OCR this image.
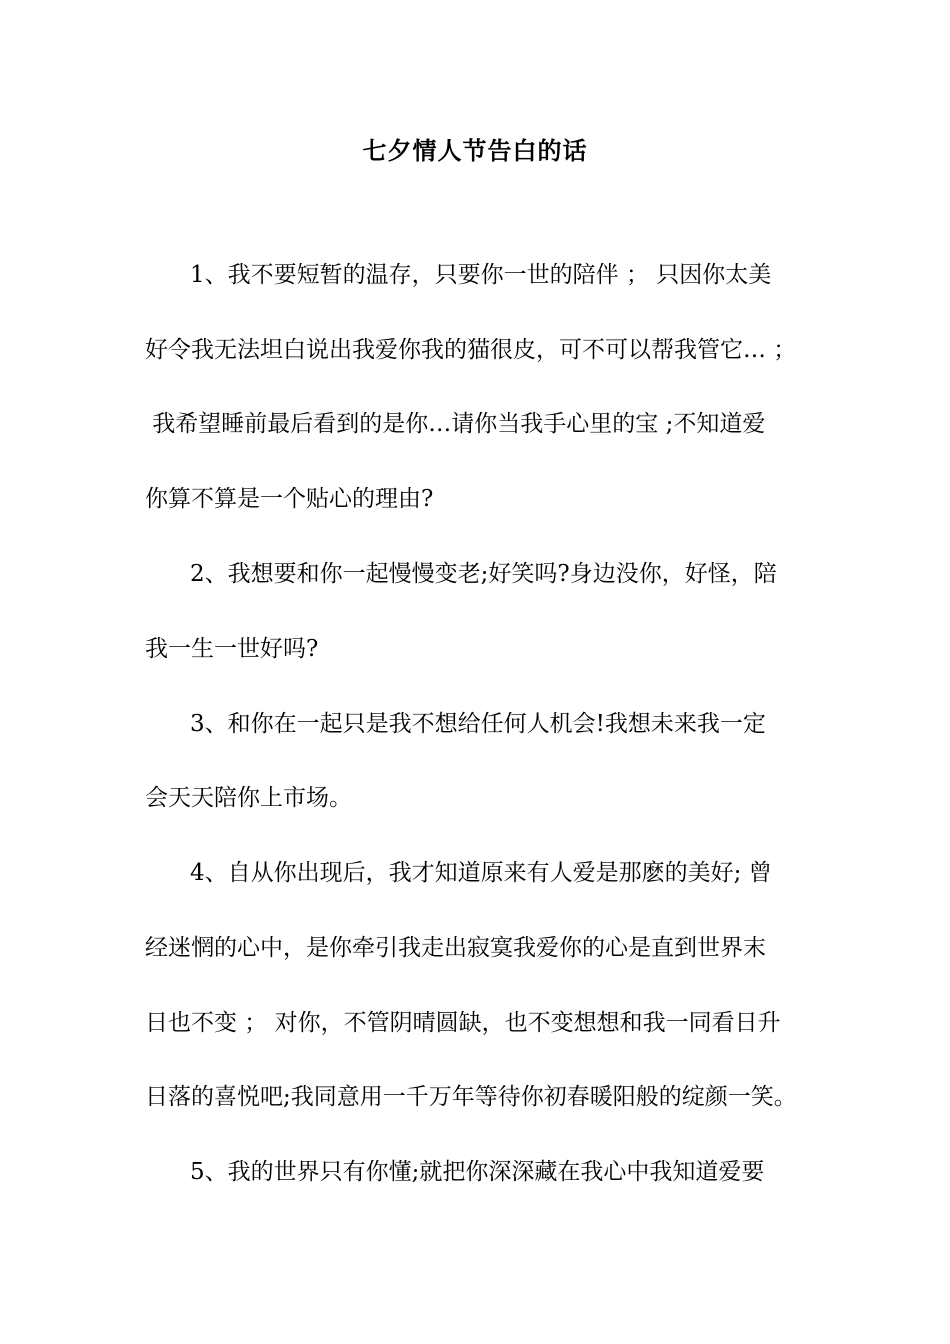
七夕情人节告白的话
1、我不要短暂的温存，只要你一世的陪伴 ； 只因你太美
好令我无法坦白说出我爱你我的猫很皮，可不可以帮我管它… ；
我希望睡前最后看到的是你…请你当我手心里的宝 ;不知道爱
你算不算是一个贴心的理由?
2、我想要和你一起慢慢变老;好笑吗?身边没你，好怪，陪
我一生一世好吗?
3、和你在一起只是我不想给任何人机会!我想未来我一定
会天天陪你上市场。
4、自从你出现后，我才知道原来有人爱是那麽的美好; 曾
经迷惘的心中，是你牵引我走出寂寞我爱你的心是直到世界末
日也不变 ； 对你，不管阴晴圆缺，也不变想想和我一同看日升
日落的喜悦吧;我同意用一千万年等待你初春暖阳般的绽颜一笑。
5、我的世界只有你懂;就把你深深藏在我心中我知道爱要
